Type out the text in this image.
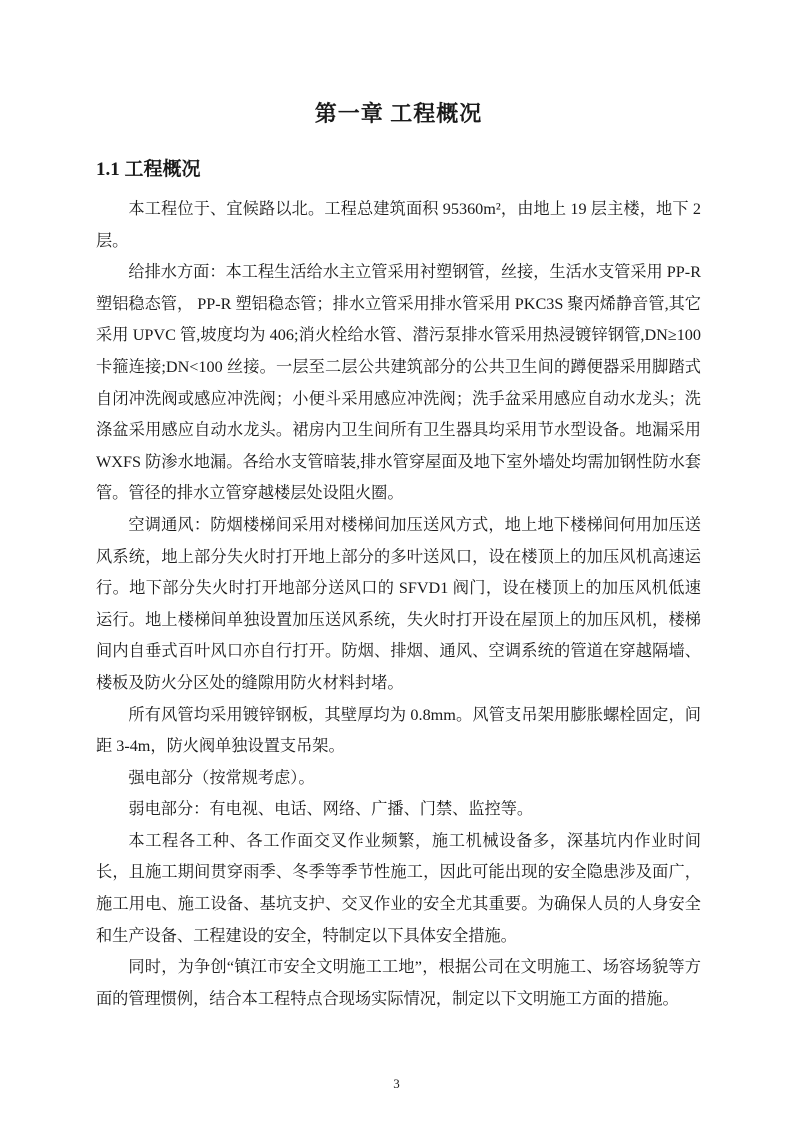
第一章 工程概况
1.1 工程概况

本工程位于、宜候路以北。工程总建筑面积 95360m²，由地上 19 层主楼，地下 2 层。

给排水方面：本工程生活给水主立管采用衬塑钢管，丝接，生活水支管采用 PP-R 塑铝稳态管， PP-R 塑铝稳态管；排水立管采用排水管采用 PKC3S 聚丙烯静音管,其它采用 UPVC 管,坡度均为 406;消火栓给水管、潜污泵排水管采用热浸镀锌钢管,DN≥100 卡箍连接;DN<100 丝接。一层至二层公共建筑部分的公共卫生间的蹲便器采用脚踏式自闭冲洗阀或感应冲洗阀；小便斗采用感应冲洗阀；洗手盆采用感应自动水龙头；洗涤盆采用感应自动水龙头。裙房内卫生间所有卫生器具均采用节水型设备。地漏采用 WXFS 防渗水地漏。各给水支管暗装,排水管穿屋面及地下室外墙处均需加钢性防水套管。管径的排水立管穿越楼层处设阻火圈。

空调通风：防烟楼梯间采用对楼梯间加压送风方式，地上地下楼梯间何用加压送风系统，地上部分失火时打开地上部分的多叶送风口，设在楼顶上的加压风机高速运行。地下部分失火时打开地部分送风口的 SFVD1 阀门，设在楼顶上的加压风机低速运行。地上楼梯间单独设置加压送风系统，失火时打开设在屋顶上的加压风机，楼梯间内自垂式百叶风口亦自行打开。防烟、排烟、通风、空调系统的管道在穿越隔墙、楼板及防火分区处的缝隙用防火材料封堵。

所有风管均采用镀锌钢板，其壁厚均为 0.8mm。风管支吊架用膨胀螺栓固定，间距 3-4m，防火阀单独设置支吊架。

强电部分（按常规考虑）。

弱电部分：有电视、电话、网络、广播、门禁、监控等。

本工程各工种、各工作面交叉作业频繁，施工机械设备多，深基坑内作业时间长，且施工期间贯穿雨季、冬季等季节性施工，因此可能出现的安全隐患涉及面广，施工用电、施工设备、基坑支护、交叉作业的安全尤其重要。为确保人员的人身安全和生产设备、工程建设的安全，特制定以下具体安全措施。

同时，为争创“镇江市安全文明施工工地”，根据公司在文明施工、场容场貌等方面的管理惯例，结合本工程特点合现场实际情况，制定以下文明施工方面的措施。

3
